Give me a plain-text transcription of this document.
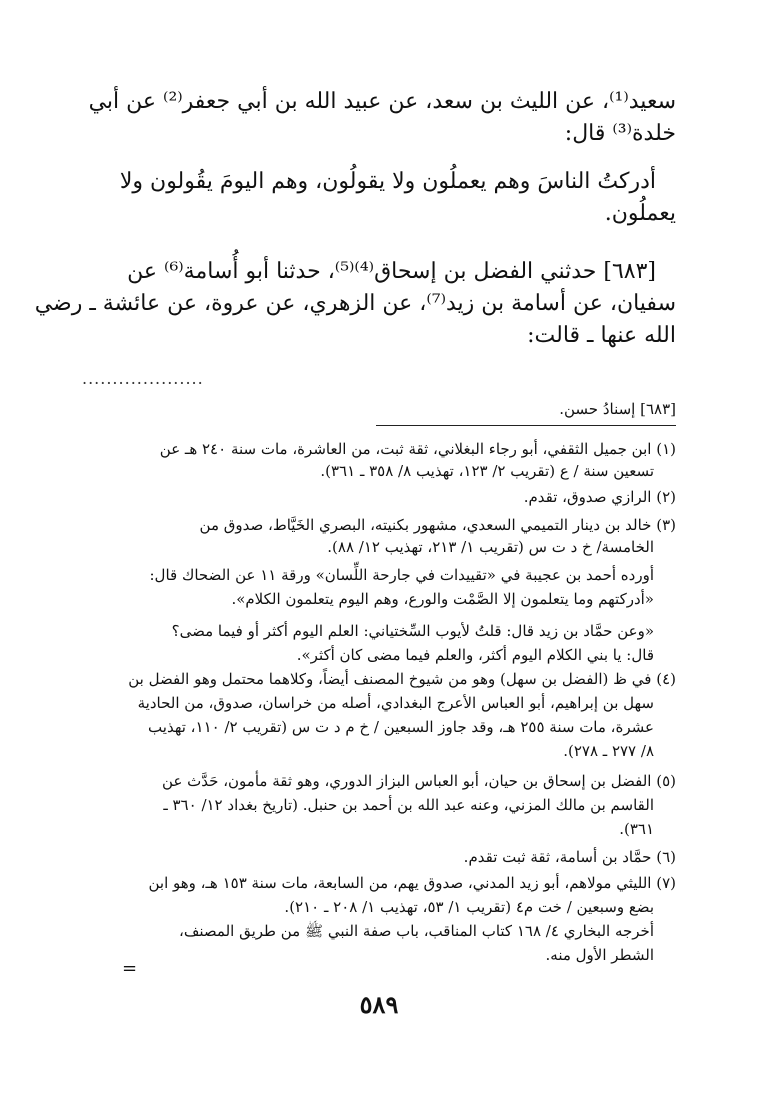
سعيد⁽¹⁾، عن الليث بن سعد، عن عبيد الله بن أبي جعفر⁽²⁾ عن أبي
خلدة⁽³⁾ قال:
أدركتُ الناسَ وهم يعملُون ولا يقولُون، وهم اليومَ يقُولون ولا
يعملُون.
[٦٨٣] حدثني الفضل بن إسحاق⁽⁴⁾⁽⁵⁾، حدثنا أبو أُسامة⁽⁶⁾ عن
سفيان، عن أسامة بن زيد⁽⁷⁾، عن الزهري، عن عروة، عن عائشة ـ رضي
الله عنها ـ قالت:
....................
[٦٨٣] إسنادُ حسن.
(١) ابن جميل الثقفي، أبو رجاء البغلاني، ثقة ثبت، من العاشرة، مات سنة ٢٤٠ هـ عن
تسعين سنة / ع (تقريب ٢/ ١٢٣، تهذيب ٨/ ٣٥٨ ـ ٣٦١).
(٢) الرازي صدوق، تقدم.
(٣) خالد بن دينار التميمي السعدي، مشهور بكنيته، البصري الخَيَّاط، صدوق من
الخامسة/ خ د ت س (تقريب ١/ ٢١٣، تهذيب ١٢/ ٨٨).
أورده أحمد بن عجيبة في «تقييدات في جارحة اللِّسان» ورقة ١١ عن الضحاك قال:
«أدركتهم وما يتعلمون إلا الصَّمْت والورع، وهم اليوم يتعلمون الكلام».
«وعن حمَّاد بن زيد قال: قلتُ لأيوب السِّختياني: العلم اليوم أكثر أو فيما مضى؟
قال: يا بني الكلام اليوم أكثر، والعلم فيما مضى كان أكثر».
(٤) في ظ (الفضل بن سهل) وهو من شيوخ المصنف أيضاً، وكلاهما محتمل وهو الفضل بن
سهل بن إبراهيم، أبو العباس الأعرج البغدادي، أصله من خراسان، صدوق، من الحادية
عشرة، مات سنة ٢٥٥ هـ، وقد جاوز السبعين / خ م د ت س (تقريب ٢/ ١١٠، تهذيب
٨/ ٢٧٧ ـ ٢٧٨).
(٥) الفضل بن إسحاق بن حيان، أبو العباس البزاز الدوري، وهو ثقة مأمون، حَدَّث عن
القاسم بن مالك المزني، وعنه عبد الله بن أحمد بن حنبل. (تاريخ بغداد ١٢/ ٣٦٠ ـ
٣٦١).
(٦) حمَّاد بن أسامة، ثقة ثبت تقدم.
(٧) الليثي مولاهم، أبو زيد المدني، صدوق يهم، من السابعة، مات سنة ١٥٣ هـ، وهو ابن
بضع وسبعين / خت م٤ (تقريب ١/ ٥٣، تهذيب ١/ ٢٠٨ ـ ٢١٠).
أخرجه البخاري ٤/ ١٦٨ كتاب المناقب، باب صفة النبي ﷺ من طريق المصنف،
الشطر الأول منه.
=
٥٨٩
